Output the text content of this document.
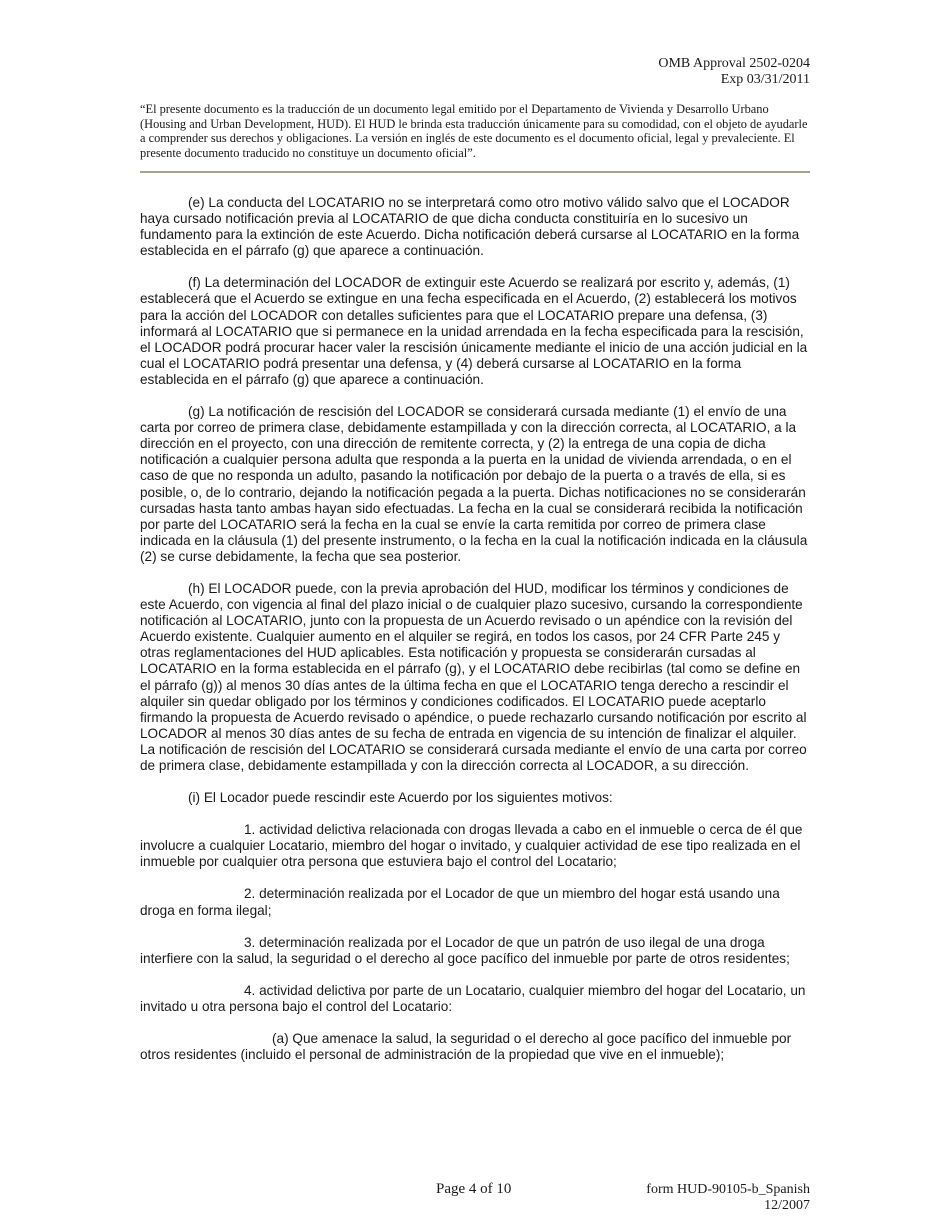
OMB Approval 2502-0204
Exp 03/31/2011
“El presente documento es la traducción de un documento legal emitido por el Departamento de Vivienda y Desarrollo Urbano (Housing and Urban Development, HUD). El HUD le brinda esta traducción únicamente para su comodidad, con el objeto de ayudarle a comprender sus derechos y obligaciones. La versión en inglés de este documento es el documento oficial, legal y prevaleciente. El presente documento traducido no constituye un documento oficial”.

(e) La conducta del LOCATARIO no se interpretará como otro motivo válido salvo que el LOCADOR haya cursado notificación previa al LOCATARIO de que dicha conducta constituiría en lo sucesivo un fundamento para la extinción de este Acuerdo. Dicha notificación deberá cursarse al LOCATARIO en la forma establecida en el párrafo (g) que aparece a continuación.

(f) La determinación del LOCADOR de extinguir este Acuerdo se realizará por escrito y, además, (1) establecerá que el Acuerdo se extingue en una fecha especificada en el Acuerdo, (2) establecerá los motivos para la acción del LOCADOR con detalles suficientes para que el LOCATARIO prepare una defensa, (3) informará al LOCATARIO que si permanece en la unidad arrendada en la fecha especificada para la rescisión, el LOCADOR podrá procurar hacer valer la rescisión únicamente mediante el inicio de una acción judicial en la cual el LOCATARIO podrá presentar una defensa, y (4) deberá cursarse al LOCATARIO en la forma establecida en el párrafo (g) que aparece a continuación.

(g) La notificación de rescisión del LOCADOR se considerará cursada mediante (1) el envío de una carta por correo de primera clase, debidamente estampillada y con la dirección correcta, al LOCATARIO, a la dirección en el proyecto, con una dirección de remitente correcta, y (2) la entrega de una copia de dicha notificación a cualquier persona adulta que responda a la puerta en la unidad de vivienda arrendada, o en el caso de que no responda un adulto, pasando la notificación por debajo de la puerta o a través de ella, si es posible, o, de lo contrario, dejando la notificación pegada a la puerta. Dichas notificaciones no se considerarán cursadas hasta tanto ambas hayan sido efectuadas. La fecha en la cual se considerará recibida la notificación por parte del LOCATARIO será la fecha en la cual se envíe la carta remitida por correo de primera clase indicada en la cláusula (1) del presente instrumento, o la fecha en la cual la notificación indicada en la cláusula (2) se curse debidamente, la fecha que sea posterior.

(h) El LOCADOR puede, con la previa aprobación del HUD, modificar los términos y condiciones de este Acuerdo, con vigencia al final del plazo inicial o de cualquier plazo sucesivo, cursando la correspondiente notificación al LOCATARIO, junto con la propuesta de un Acuerdo revisado o un apéndice con la revisión del Acuerdo existente. Cualquier aumento en el alquiler se regirá, en todos los casos, por 24 CFR Parte 245 y otras reglamentaciones del HUD aplicables. Esta notificación y propuesta se considerarán cursadas al LOCATARIO en la forma establecida en el párrafo (g), y el LOCATARIO debe recibirlas (tal como se define en el párrafo (g)) al menos 30 días antes de la última fecha en que el LOCATARIO tenga derecho a rescindir el alquiler sin quedar obligado por los términos y condiciones codificados. El LOCATARIO puede aceptarlo firmando la propuesta de Acuerdo revisado o apéndice, o puede rechazarlo cursando notificación por escrito al LOCADOR al menos 30 días antes de su fecha de entrada en vigencia de su intención de finalizar el alquiler. La notificación de rescisión del LOCATARIO se considerará cursada mediante el envío de una carta por correo de primera clase, debidamente estampillada y con la dirección correcta al LOCADOR, a su dirección.

(i) El Locador puede rescindir este Acuerdo por los siguientes motivos:

1. actividad delictiva relacionada con drogas llevada a cabo en el inmueble o cerca de él que involucre a cualquier Locatario, miembro del hogar o invitado, y cualquier actividad de ese tipo realizada en el inmueble por cualquier otra persona que estuviera bajo el control del Locatario;

2. determinación realizada por el Locador de que un miembro del hogar está usando una droga en forma ilegal;

3. determinación realizada por el Locador de que un patrón de uso ilegal de una droga interfiere con la salud, la seguridad o el derecho al goce pacífico del inmueble por parte de otros residentes;

4. actividad delictiva por parte de un Locatario, cualquier miembro del hogar del Locatario, un invitado u otra persona bajo el control del Locatario:

(a) Que amenace la salud, la seguridad o el derecho al goce pacífico del inmueble por otros residentes (incluido el personal de administración de la propiedad que vive en el inmueble);

Page 4 of 10	form HUD-90105-b_Spanish
12/2007
